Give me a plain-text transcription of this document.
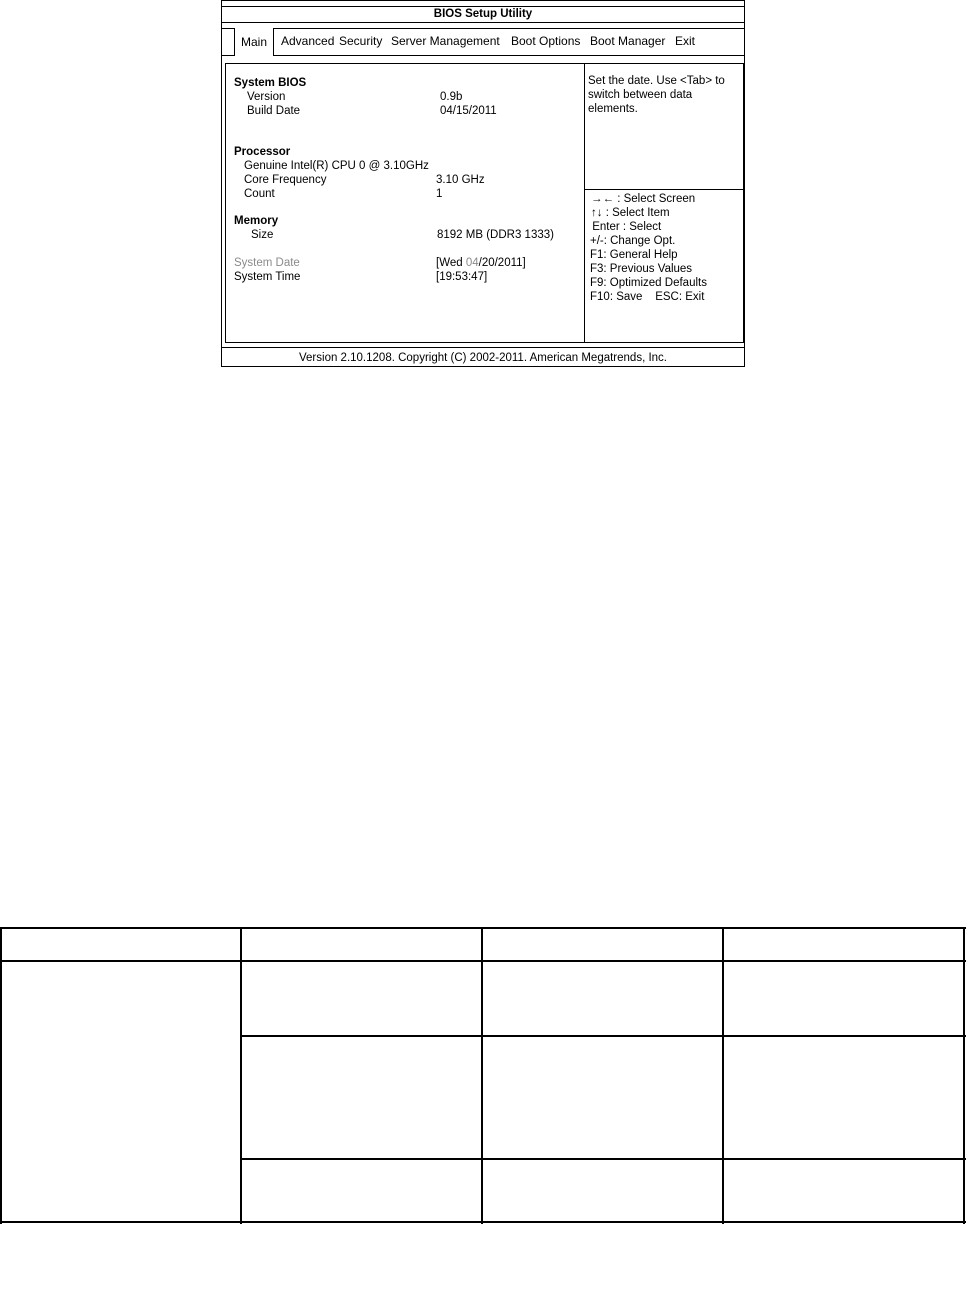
BIOS Setup Utility
Main	Advanced Security Server Management Boot Options Boot Manager Exit
System BIOS
Version	0.9b
Build Date	04/15/2011
Processor
Genuine Intel(R) CPU 0 @ 3.10GHz
Core Frequency	3.10 GHz
Count	1
Memory
Size	8192 MB (DDR3 1333)
System Date	[Wed 04/20/2011]
System Time	[19:53:47]
Set the date. Use <Tab> to switch between data elements.
→← : Select Screen
↑↓ : Select Item
Enter : Select
+/-: Change Opt.
F1: General Help
F3: Previous Values
F9: Optimized Defaults
F10: Save    ESC: Exit
Version 2.10.1208. Copyright (C) 2002-2011. American Megatrends, Inc.
